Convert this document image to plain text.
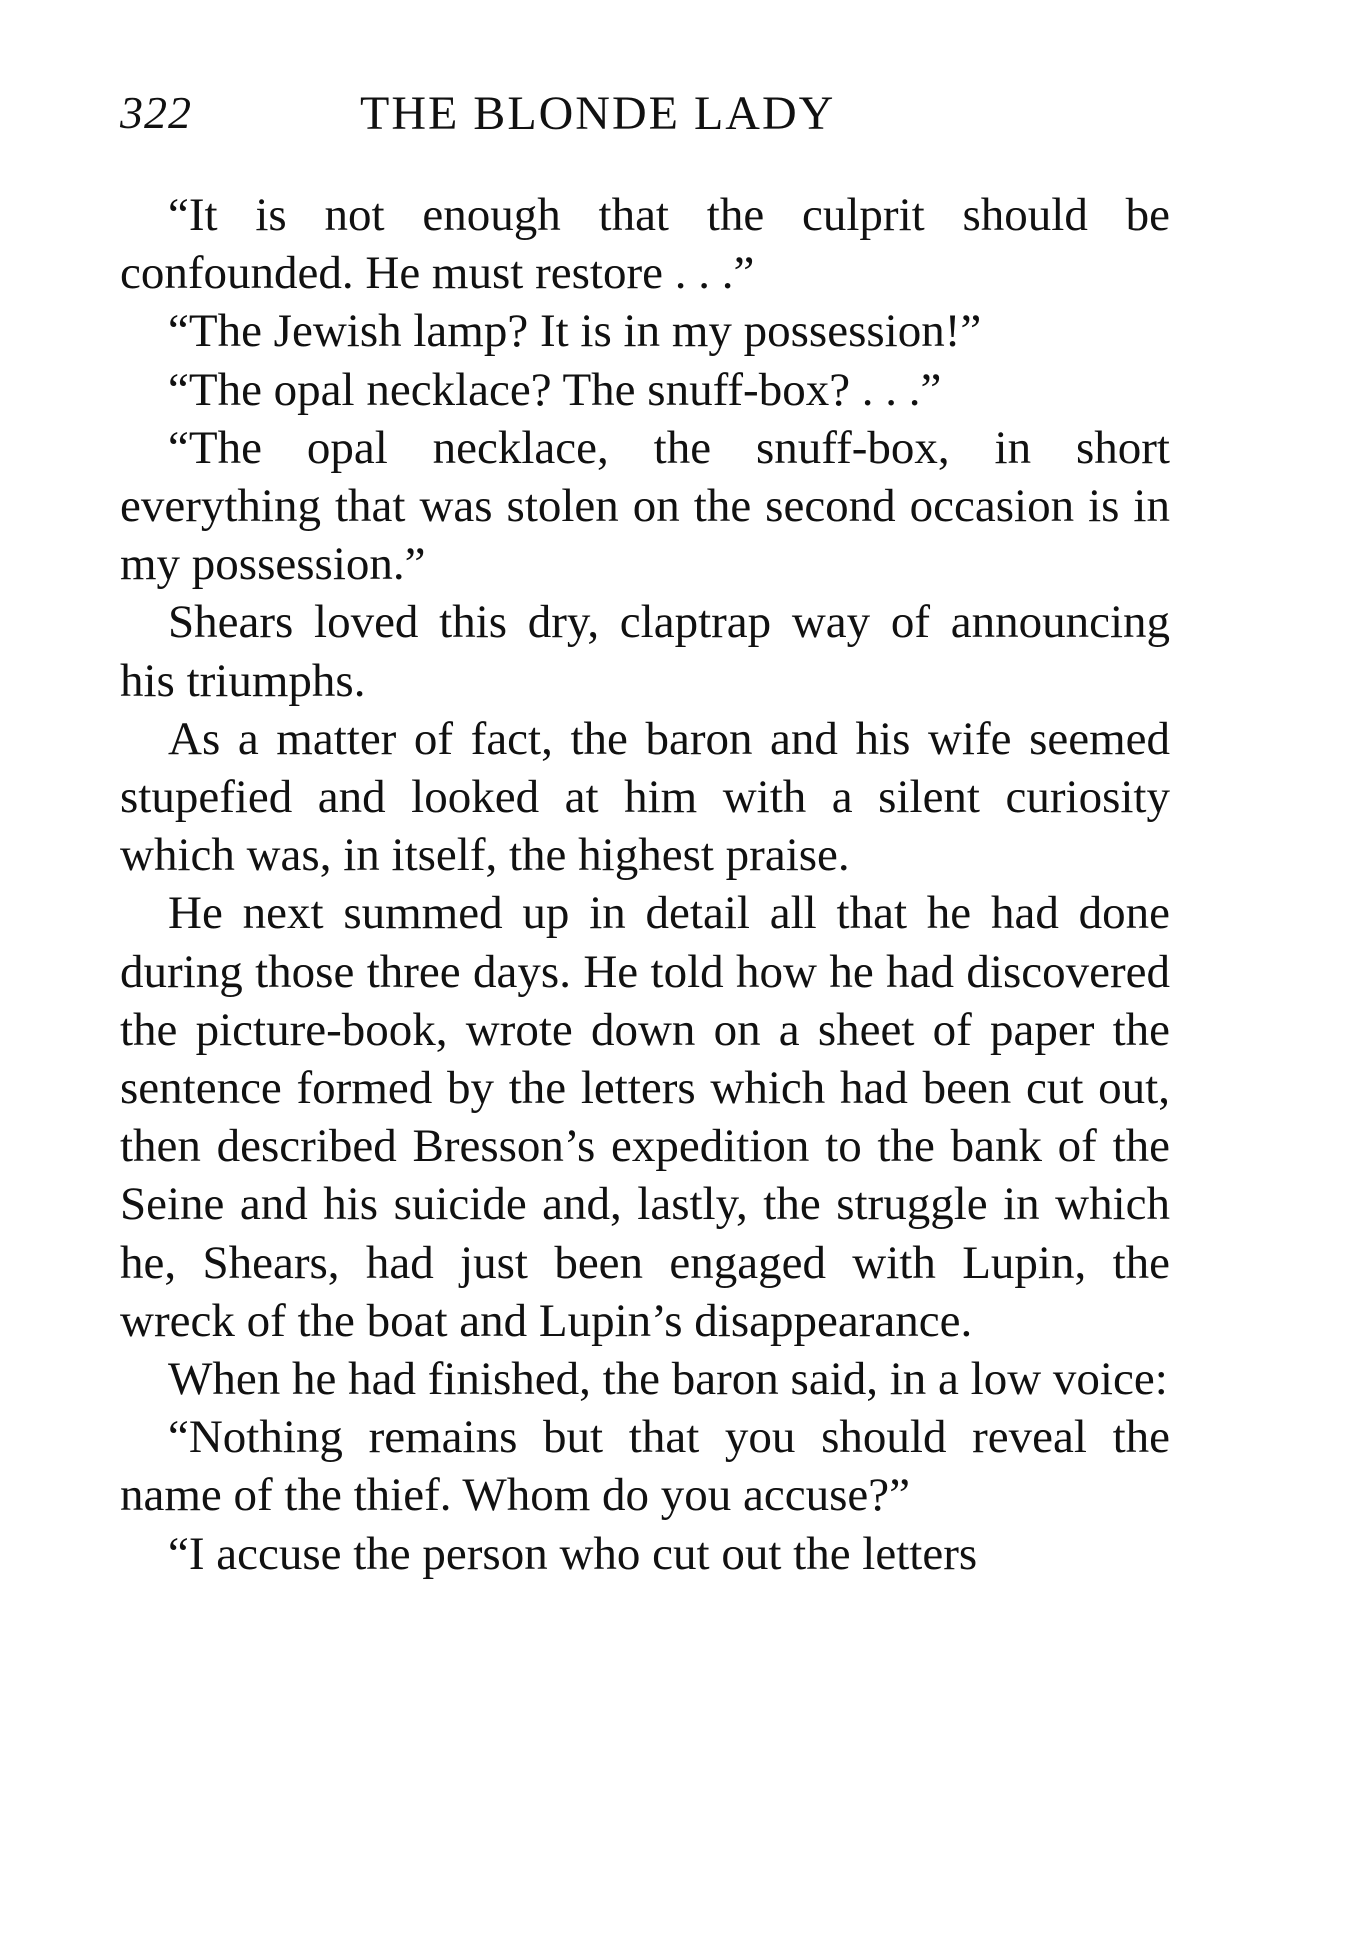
322	THE BLONDE LADY

“It is not enough that the culprit should be confounded. He must restore . . .”

“The Jewish lamp? It is in my possession!”

“The opal necklace? The snuff-box? . . .”

“The opal necklace, the snuff-box, in short everything that was stolen on the second occasion is in my possession.”

Shears loved this dry, claptrap way of announcing his triumphs.

As a matter of fact, the baron and his wife seemed stupefied and looked at him with a silent curiosity which was, in itself, the highest praise.

He next summed up in detail all that he had done during those three days. He told how he had discovered the picture-book, wrote down on a sheet of paper the sentence formed by the letters which had been cut out, then described Bresson’s expedition to the bank of the Seine and his suicide and, lastly, the struggle in which he, Shears, had just been engaged with Lupin, the wreck of the boat and Lupin’s disappearance.

When he had finished, the baron said, in a low voice:

“Nothing remains but that you should reveal the name of the thief. Whom do you accuse?”

“I accuse the person who cut out the letters
